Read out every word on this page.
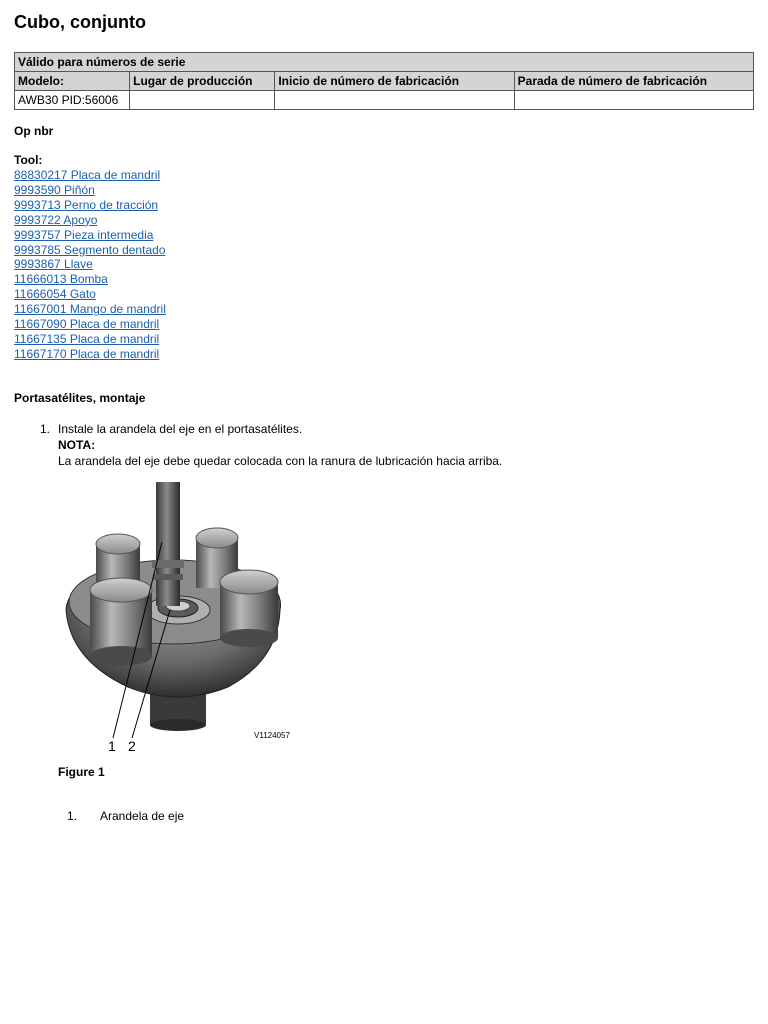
Cubo, conjunto
Válido para números de serie			
Modelo:	Lugar de producción	Inicio de número de fabricación	Parada de número de fabricación
AWB30 PID:56006			
Op nbr
Tool:
88830217 Placa de mandril
9993590 Piñón
9993713 Perno de tracción
9993722 Apoyo
9993757 Pieza intermedia
9993785 Segmento dentado
9993867 Llave
11666013 Bomba
11666054 Gato
11667001 Mango de mandril
11667090 Placa de mandril
11667135 Placa de mandril
11667170 Placa de mandril
Portasatélites, montaje
1. Instale la arandela del eje en el portasatélites.
NOTA:
La arandela del eje debe quedar colocada con la ranura de lubricación hacia arriba.
1 2
V1124057
Figure 1
1. Arandela de eje
